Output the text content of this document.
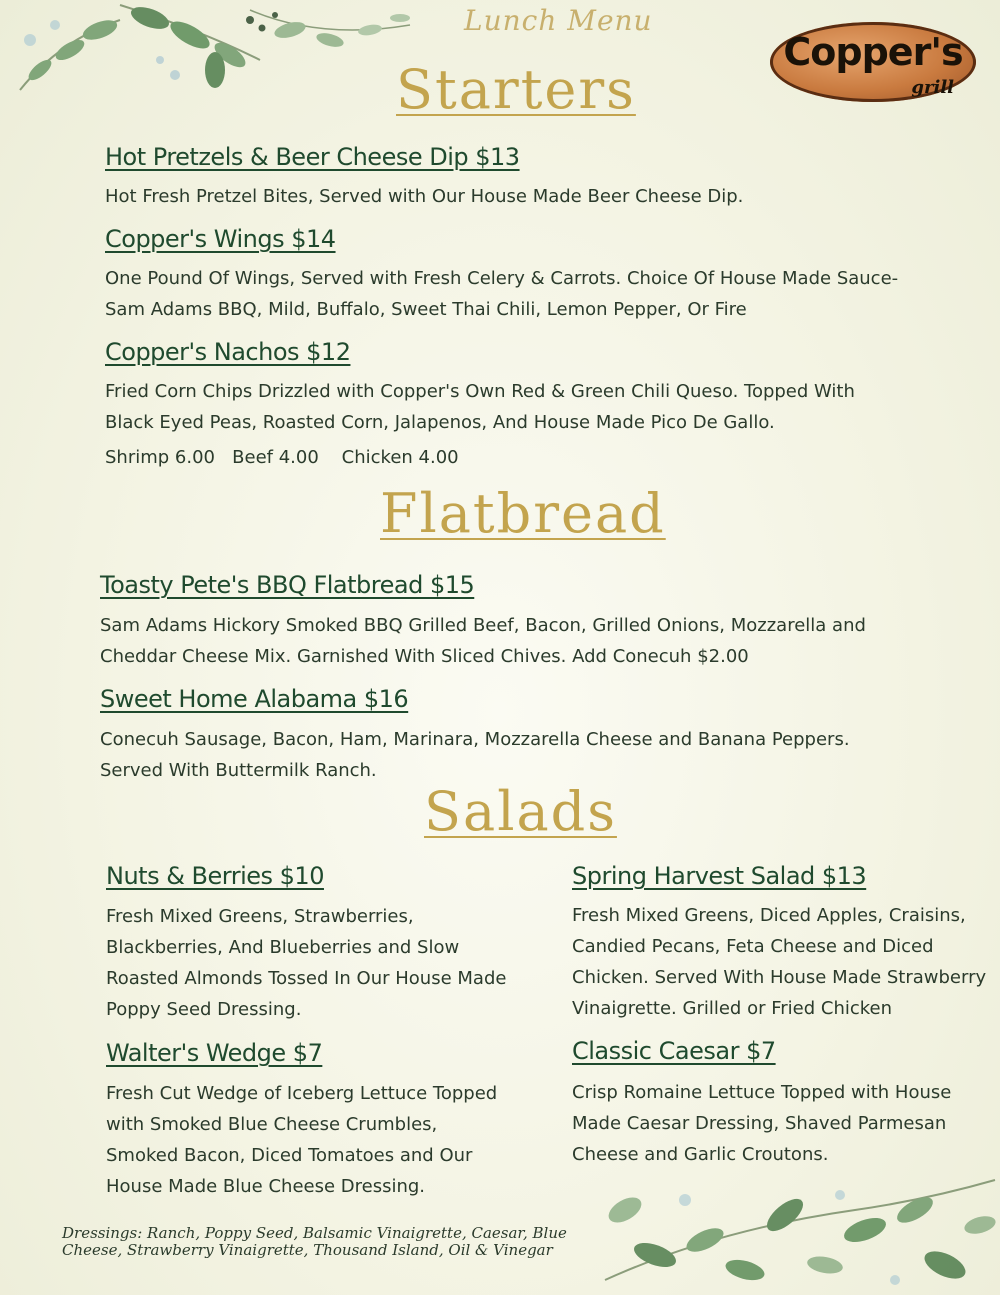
Lunch Menu
Copper's
grill
Starters
Hot Pretzels & Beer Cheese Dip $13
Hot Fresh Pretzel Bites, Served with Our House Made Beer Cheese Dip.
Copper's Wings $14
One Pound Of Wings, Served with Fresh Celery & Carrots. Choice Of House Made Sauce-
Sam Adams BBQ, Mild, Buffalo, Sweet Thai Chili, Lemon Pepper, Or Fire
Copper's Nachos $12
Fried Corn Chips Drizzled with Copper's Own Red & Green Chili Queso. Topped With
Black Eyed Peas, Roasted Corn, Jalapenos, And House Made Pico De Gallo.
Shrimp 6.00   Beef 4.00    Chicken 4.00
Flatbread
Toasty Pete's BBQ Flatbread $15
Sam Adams Hickory Smoked BBQ Grilled Beef, Bacon, Grilled Onions, Mozzarella and
Cheddar Cheese Mix. Garnished With Sliced Chives. Add Conecuh $2.00
Sweet Home Alabama $16
Conecuh Sausage, Bacon, Ham, Marinara, Mozzarella Cheese and Banana Peppers.
Served With Buttermilk Ranch.
Salads
Nuts & Berries $10
Fresh Mixed Greens, Strawberries,
Blackberries, And Blueberries and Slow
Roasted Almonds Tossed In Our House Made
Poppy Seed Dressing.
Walter's Wedge $7
Fresh Cut Wedge of Iceberg Lettuce Topped
with Smoked Blue Cheese Crumbles,
Smoked Bacon, Diced Tomatoes and Our
House Made Blue Cheese Dressing.
Spring Harvest Salad $13
Fresh Mixed Greens, Diced Apples, Craisins,
Candied Pecans, Feta Cheese and Diced
Chicken. Served With House Made Strawberry
Vinaigrette. Grilled or Fried Chicken
Classic Caesar $7
Crisp Romaine Lettuce Topped with House
Made Caesar Dressing, Shaved Parmesan
Cheese and Garlic Croutons.
Dressings: Ranch, Poppy Seed, Balsamic Vinaigrette, Caesar, Blue
Cheese, Strawberry Vinaigrette, Thousand Island, Oil & Vinegar
